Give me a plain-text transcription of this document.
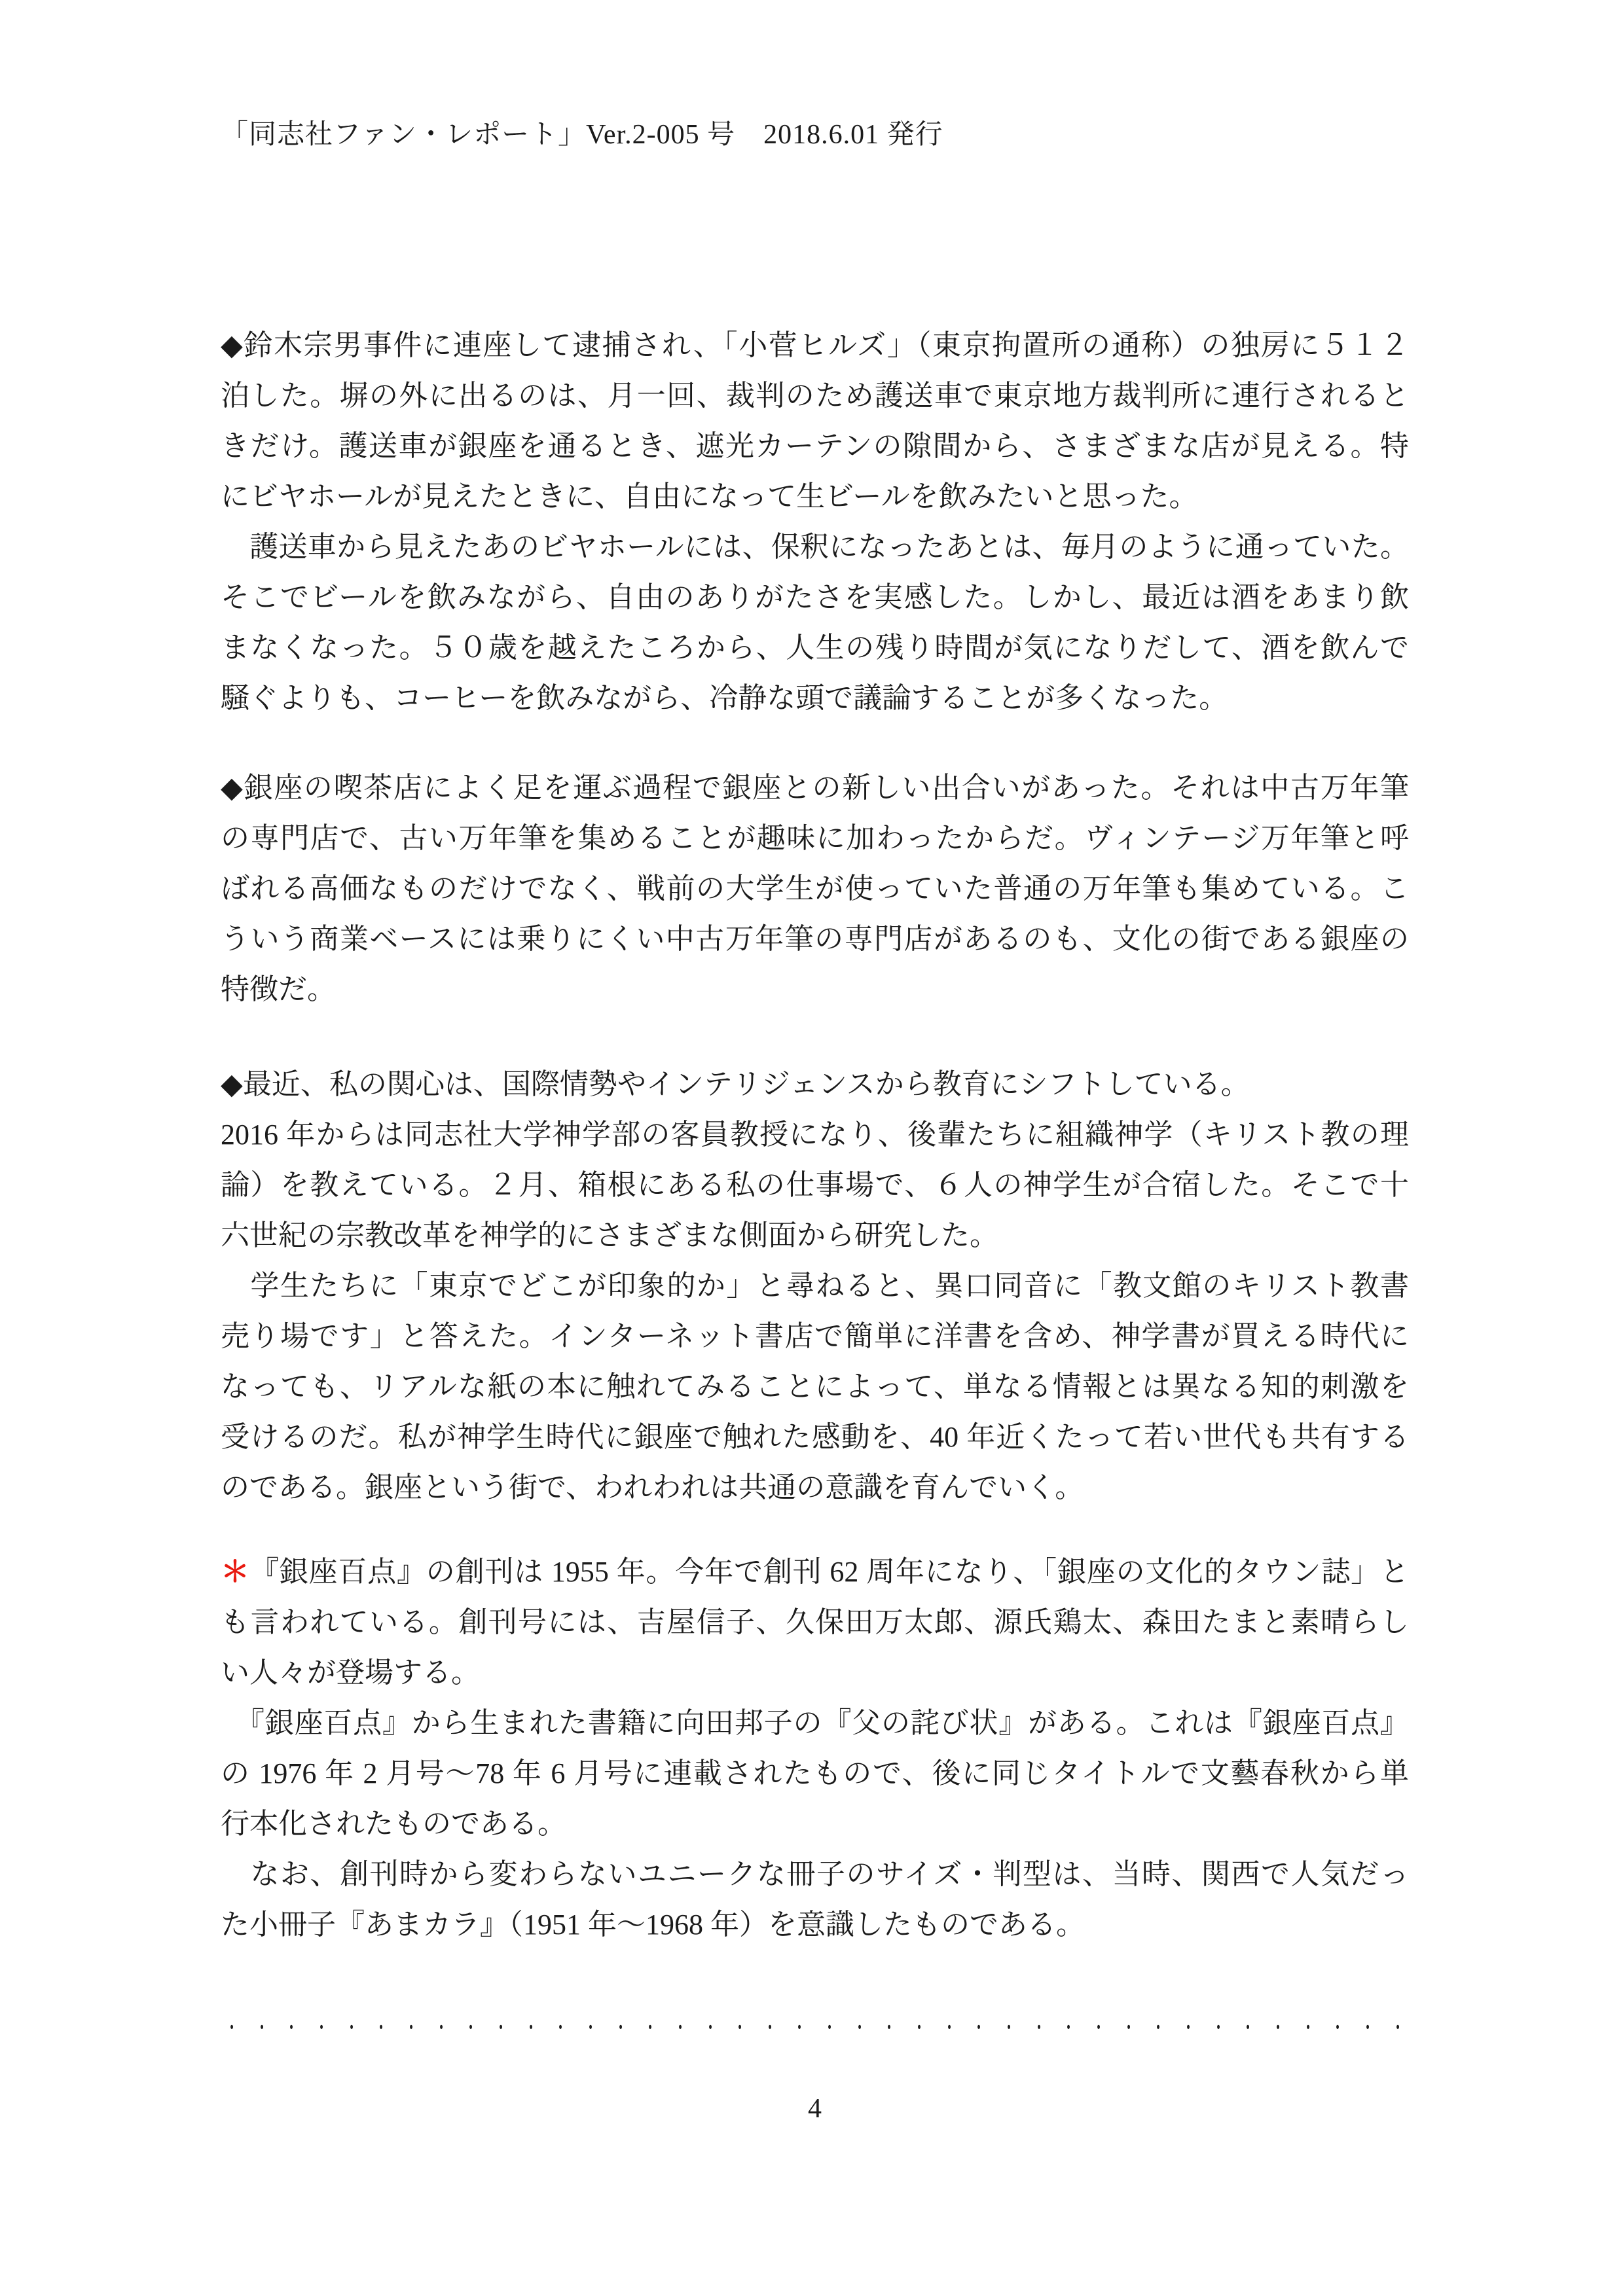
「同志社ファン・レポート」Ver.2-005 号　2018.6.01 発行
◆鈴木宗男事件に連座して逮捕され、「小菅ヒルズ」（東京拘置所の通称）の独房に５１２
泊した。塀の外に出るのは、月一回、裁判のため護送車で東京地方裁判所に連行されると
きだけ。護送車が銀座を通るとき、遮光カーテンの隙間から、さまざまな店が見える。特
にビヤホールが見えたときに、自由になって生ビールを飲みたいと思った。
　護送車から見えたあのビヤホールには、保釈になったあとは、毎月のように通っていた。
そこでビールを飲みながら、自由のありがたさを実感した。しかし、最近は酒をあまり飲
まなくなった。５０歳を越えたころから、人生の残り時間が気になりだして、酒を飲んで
騒ぐよりも、コーヒーを飲みながら、冷静な頭で議論することが多くなった。
◆銀座の喫茶店によく足を運ぶ過程で銀座との新しい出合いがあった。それは中古万年筆
の専門店で、古い万年筆を集めることが趣味に加わったからだ。ヴィンテージ万年筆と呼
ばれる高価なものだけでなく、戦前の大学生が使っていた普通の万年筆も集めている。こ
ういう商業ベースには乗りにくい中古万年筆の専門店があるのも、文化の街である銀座の
特徴だ。
◆最近、私の関心は、国際情勢やインテリジェンスから教育にシフトしている。
2016 年からは同志社大学神学部の客員教授になり、後輩たちに組織神学（キリスト教の理
論）を教えている。２月、箱根にある私の仕事場で、６人の神学生が合宿した。そこで十
六世紀の宗教改革を神学的にさまざまな側面から研究した。
　学生たちに「東京でどこが印象的か」と尋ねると、異口同音に「教文館のキリスト教書
売り場です」と答えた。インターネット書店で簡単に洋書を含め、神学書が買える時代に
なっても、リアルな紙の本に触れてみることによって、単なる情報とは異なる知的刺激を
受けるのだ。私が神学生時代に銀座で触れた感動を、40 年近くたって若い世代も共有する
のである。銀座という街で、われわれは共通の意識を育んでいく。
＊『銀座百点』の創刊は 1955 年。今年で創刊 62 周年になり、「銀座の文化的タウン誌」と
も言われている。創刊号には、吉屋信子、久保田万太郎、源氏鶏太、森田たまと素晴らし
い人々が登場する。
　『銀座百点』から生まれた書籍に向田邦子の『父の詫び状』がある。これは『銀座百点』
の 1976 年 2 月号～78 年 6 月号に連載されたもので、後に同じタイトルで文藝春秋から単
行本化されたものである。
　なお、創刊時から変わらないユニークな冊子のサイズ・判型は、当時、関西で人気だっ
た小冊子『あまカラ』（1951 年～1968 年）を意識したものである。
・ ・ ・ ・ ・ ・ ・ ・ ・ ・ ・ ・ ・ ・ ・ ・ ・ ・ ・ ・ ・ ・ ・ ・ ・ ・ ・ ・ ・ ・ ・ ・ ・ ・ ・ ・ ・ ・ ・ ・
4
